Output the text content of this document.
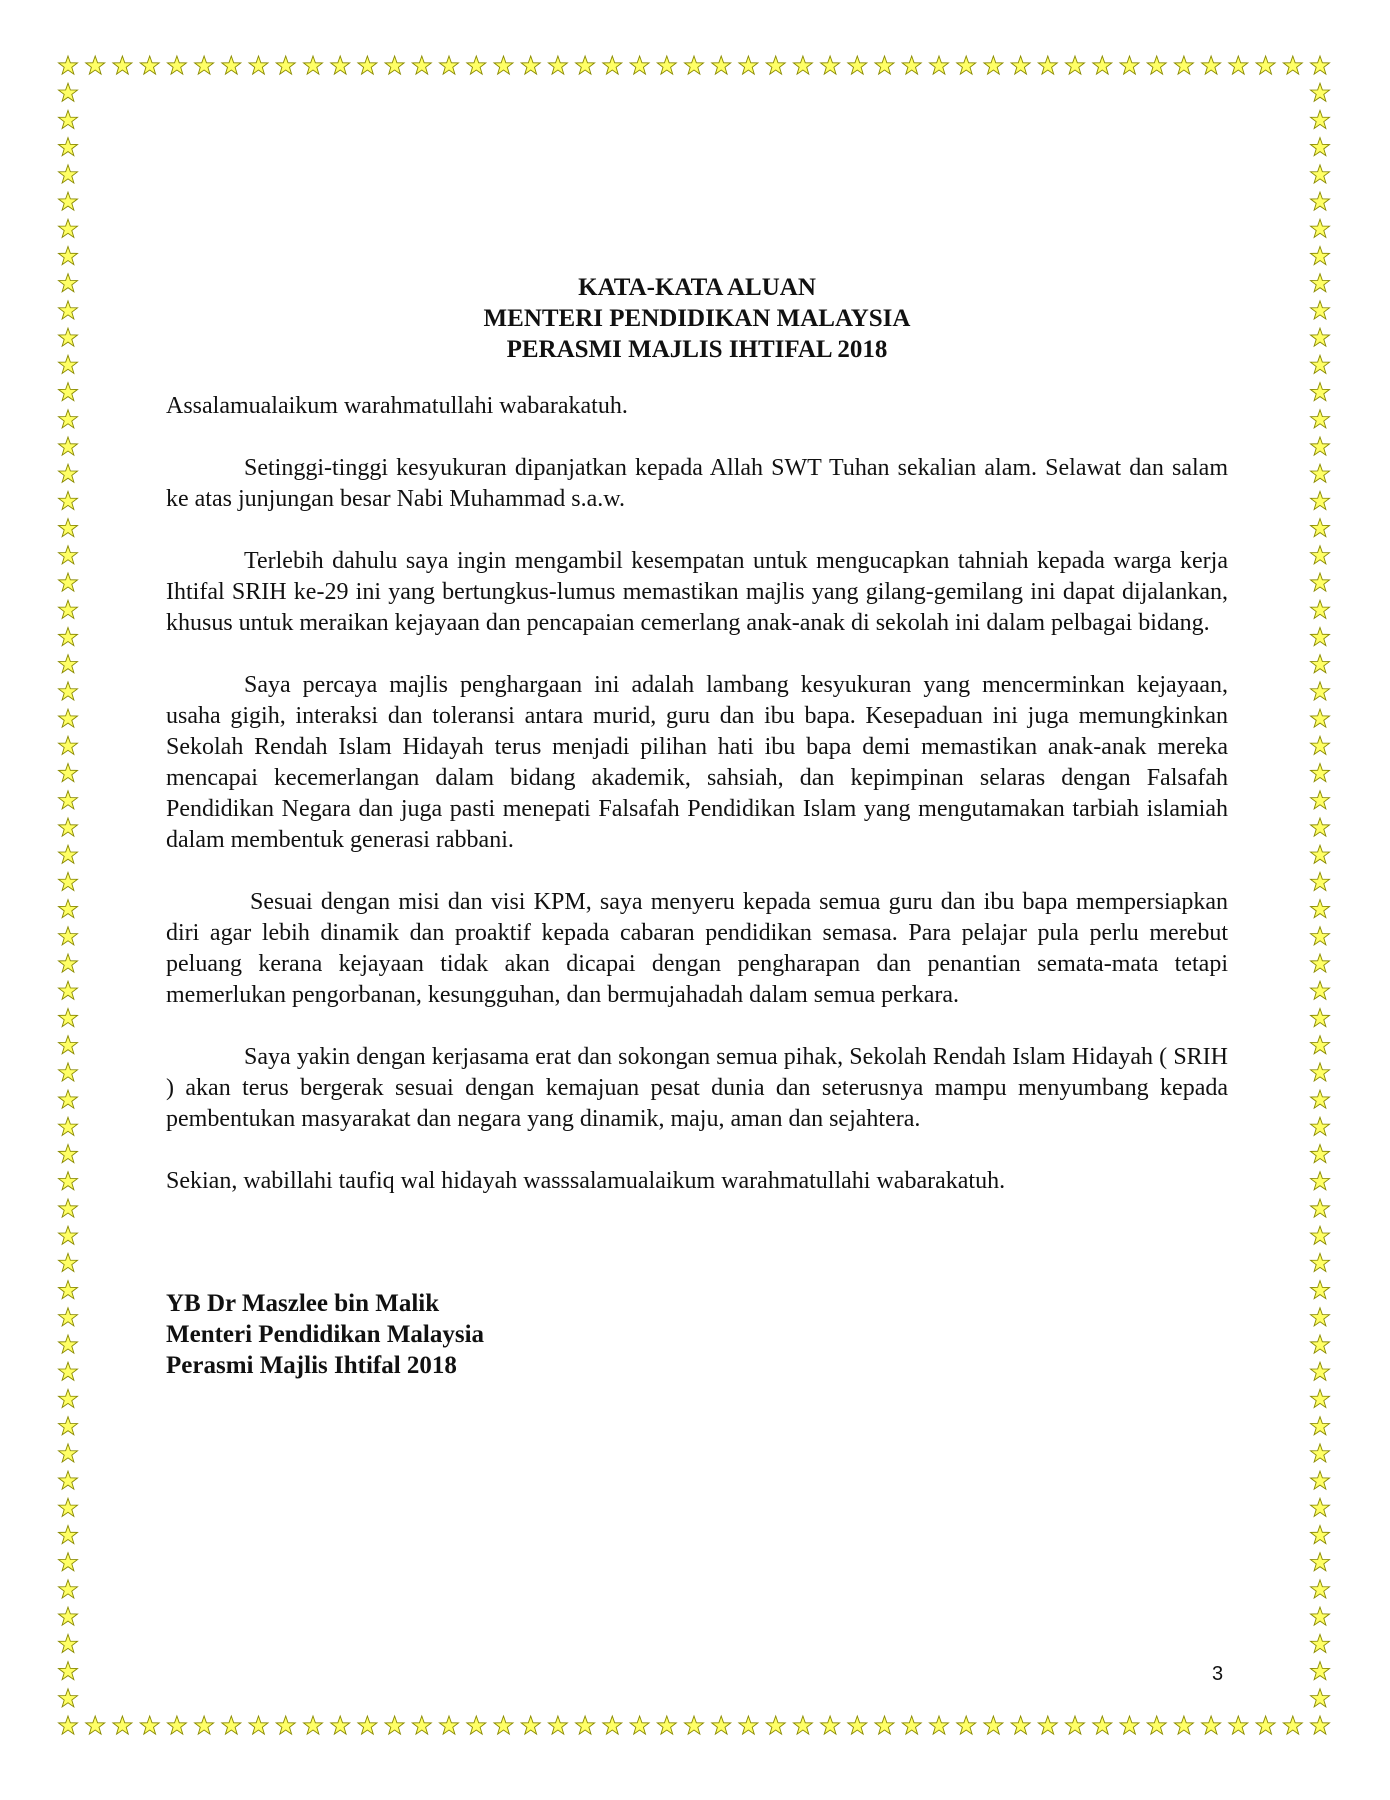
KATA-KATA ALUAN
MENTERI PENDIDIKAN MALAYSIA
PERASMI MAJLIS IHTIFAL 2018

Assalamualaikum warahmatullahi wabarakatuh.

Setinggi-tinggi kesyukuran dipanjatkan kepada Allah SWT Tuhan sekalian alam. Selawat dan salam ke atas junjungan besar Nabi Muhammad s.a.w.

Terlebih dahulu saya ingin mengambil kesempatan untuk mengucapkan tahniah kepada warga kerja Ihtifal SRIH ke-29 ini yang bertungkus-lumus memastikan majlis yang gilang-gemilang ini dapat dijalankan, khusus untuk meraikan kejayaan dan pencapaian cemerlang anak-anak di sekolah ini dalam pelbagai bidang.

Saya percaya majlis penghargaan ini adalah lambang kesyukuran yang mencerminkan kejayaan, usaha gigih, interaksi dan toleransi antara murid, guru dan ibu bapa. Kesepaduan ini juga memungkinkan Sekolah Rendah Islam Hidayah terus menjadi pilihan hati ibu bapa demi memastikan anak-anak mereka mencapai kecemerlangan dalam bidang akademik, sahsiah, dan kepimpinan selaras dengan Falsafah Pendidikan Negara dan juga pasti menepati Falsafah Pendidikan Islam yang mengutamakan tarbiah islamiah dalam membentuk generasi rabbani.

Sesuai dengan misi dan visi KPM, saya menyeru kepada semua guru dan ibu bapa mempersiapkan diri agar lebih dinamik dan proaktif kepada cabaran pendidikan semasa. Para pelajar pula perlu merebut peluang kerana kejayaan tidak akan dicapai dengan pengharapan dan penantian semata-mata tetapi memerlukan pengorbanan, kesungguhan, dan bermujahadah dalam semua perkara.

Saya yakin dengan kerjasama erat dan sokongan semua pihak, Sekolah Rendah Islam Hidayah ( SRIH ) akan terus bergerak sesuai dengan kemajuan pesat dunia dan seterusnya mampu menyumbang kepada pembentukan masyarakat dan negara yang dinamik, maju, aman dan sejahtera.

Sekian, wabillahi taufiq wal hidayah wasssalamualaikum warahmatullahi wabarakatuh.

YB Dr Maszlee bin Malik
Menteri Pendidikan Malaysia
Perasmi Majlis Ihtifal 2018
3
